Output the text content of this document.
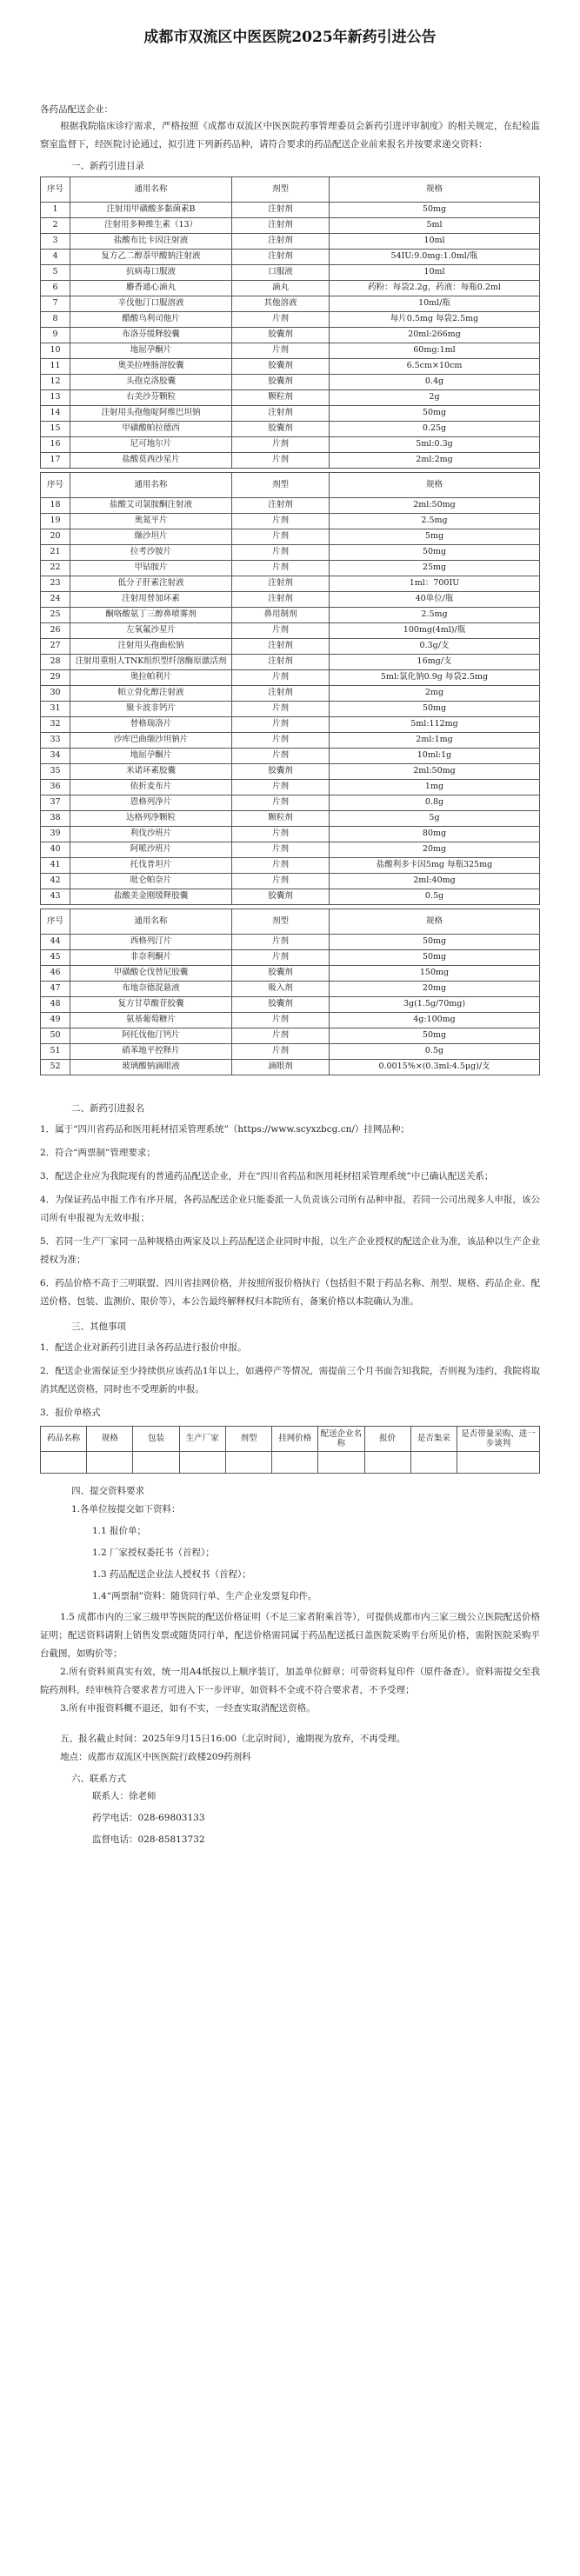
成都市双流区中医医院2025年新药引进公告

各药品配送企业：

根据我院临床诊疗需求，严格按照《成都市双流区中医医院药事管理委员会新药引进评审制度》的相关规定，在纪检监察室监督下，经医院讨论通过，拟引进下列新药品种，请符合要求的药品配送企业前来报名并按要求递交资料：

一、新药引进目录

序号	通用名称	剂型	规格
1	注射用甲磺酸多黏菌素B	注射剂	50mg
2	注射用多种维生素（13）	注射剂	5ml
3	盐酸布比卡因注射液	注射剂	10ml
4	复方乙二醇萘甲酸钠注射液	注射剂	54IU:9.0mg:1.0ml/瓶
5	抗病毒口服液	口服液	10ml
6	麝香通心滴丸	滴丸	药粉：每袋2.2g，药液：每瓶0.2ml
7	辛伐他汀口服溶液	其他溶液	10ml/瓶
8	醋酸乌利司他片	片剂	每片0.5mg 每袋2.5mg
9	布洛芬缓释胶囊	胶囊剂	20ml:266mg
10	地屈孕酮片	片剂	60mg:1ml
11	奥美拉唑肠溶胶囊	胶囊剂	6.5cm×10cm
12	头孢克洛胶囊	胶囊剂	0.4g
13	右美沙芬颗粒	颗粒剂	2g
14	注射用头孢他啶阿维巴坦钠	注射剂	50mg
15	甲磺酸帕拉德西	胶囊剂	0.25g
16	尼可地尔片	片剂	5ml:0.3g
17	盐酸莫西沙星片	片剂	2ml:2mg
序号	通用名称	剂型	规格
18	盐酸艾司氯胺酮注射液	注射剂	2ml:50mg
19	奥氮平片	片剂	2.5mg
20	缬沙坦片	片剂	5mg
21	拉考沙胺片	片剂	50mg
22	甲钴胺片	片剂	25mg
23	低分子肝素注射液	注射剂	1ml：700IU
24	注射用替加环素	注射剂	40单位/瓶
25	酮咯酸氨丁三醇鼻喷雾剂	鼻用制剂	2.5mg
26	左氧氟沙星片	片剂	100mg(4ml)/瓶
27	注射用头孢曲松钠	注射剂	0.3g/支
28	注射用重组人TNK组织型纤溶酶原激活剂	注射剂	16mg/支
29	奥拉帕利片	片剂	5ml:氯化钠0.9g 每袋2.5mg
30	帕立骨化醇注射液	注射剂	2mg
31	聚卡波非钙片	片剂	50mg
32	替格瑞洛片	片剂	5ml:112mg
33	沙库巴曲缬沙坦钠片	片剂	2ml:1mg
34	地屈孕酮片	片剂	10ml:1g
35	米诺环素胶囊	胶囊剂	2ml:50mg
36	依折麦布片	片剂	1mg
37	恩格列净片	片剂	0.8g
38	达格列净颗粒	颗粒剂	5g
39	利伐沙班片	片剂	80mg
40	阿哌沙班片	片剂	20mg
41	托伐普坦片	片剂	盐酸利多卡因5mg 每瓶325mg
42	吡仑帕奈片	片剂	2ml:40mg
43	盐酸美金刚缓释胶囊	胶囊剂	0.5g
序号	通用名称	剂型	规格
44	西格列汀片	片剂	50mg
45	非奈利酮片	片剂	50mg
46	甲磺酸仑伐替尼胶囊	胶囊剂	150mg
47	布地奈德混悬液	吸入剂	20mg
48	复方甘草酸苷胶囊	胶囊剂	3g(1.5g/70mg)
49	氨基葡萄糖片	片剂	4g:100mg
50	阿托伐他汀钙片	片剂	50mg
51	硝苯地平控释片	片剂	0.5g
52	玻璃酸钠滴眼液	滴眼剂	0.0015%×(0.3ml:4.5μg)/支

二、新药引进报名

1．属于“四川省药品和医用耗材招采管理系统”（https://www.scyxzbcg.cn/）挂网品种；

2．符合“两票制”管理要求；

3．配送企业应为我院现有的普通药品配送企业，并在“四川省药品和医用耗材招采管理系统”中已确认配送关系；

4．为保证药品申报工作有序开展，各药品配送企业只能委派一人负责该公司所有品种申报，若同一公司出现多人申报，该公司所有申报视为无效申报；

5．若同一生产厂家同一品种规格由两家及以上药品配送企业同时申报，以生产企业授权的配送企业为准，该品种以生产企业授权为准；

6．药品价格不高于三明联盟、四川省挂网价格，并按照所报价格执行（包括但不限于药品名称、剂型、规格、药品企业、配送价格、包装、监测价、限价等），本公告最终解释权归本院所有，备案价格以本院确认为准。

三、其他事项

1．配送企业对新药引进目录各药品进行报价申报。

2．配送企业需保证至少持续供应该药品1年以上，如遇停产等情况，需提前三个月书面告知我院，否则视为违约，我院将取消其配送资格，同时也不受理新的申报。

3．报价单格式

药品名称	规格	包装	生产厂家	剂型	挂网价格	配送企业名称	报价	是否集采	是否带量采购、进一步谈判

四、提交资料要求

1.各单位按提交如下资料：

1.1 报价单；

1.2 厂家授权委托书（首程）；

1.3 药品配送企业法人授权书（首程）；

1.4“两票制”资料：随货同行单、生产企业发票复印件。

1.5 成都市内的三家三级甲等医院的配送价格证明（不足三家者附乘首等），可提供成都市内三家三级公立医院配送价格证明；配送资料请附上销售发票或随货同行单，配送价格需同属于药品配送抵日盖医院采购平台所见价格，需附医院采购平台截图，如购价等；

2.所有资料须真实有效，统一用A4纸按以上顺序装订，加盖单位鲜章；可带资料复印件（原件备查）。资料需提交至我院药剂科，经审核符合要求者方可进入下一步评审，如资料不全或不符合要求者，不予受理；

3.所有申报资料概不退还，如有不实，一经查实取消配送资格。

五、报名截止时间：2025年9月15日16:00（北京时间），逾期视为放弃，不再受理。

地点：成都市双流区中医医院行政楼209药剂科

六、联系方式

联系人：徐老师

药学电话：028-69803133

监督电话：028-85813732
